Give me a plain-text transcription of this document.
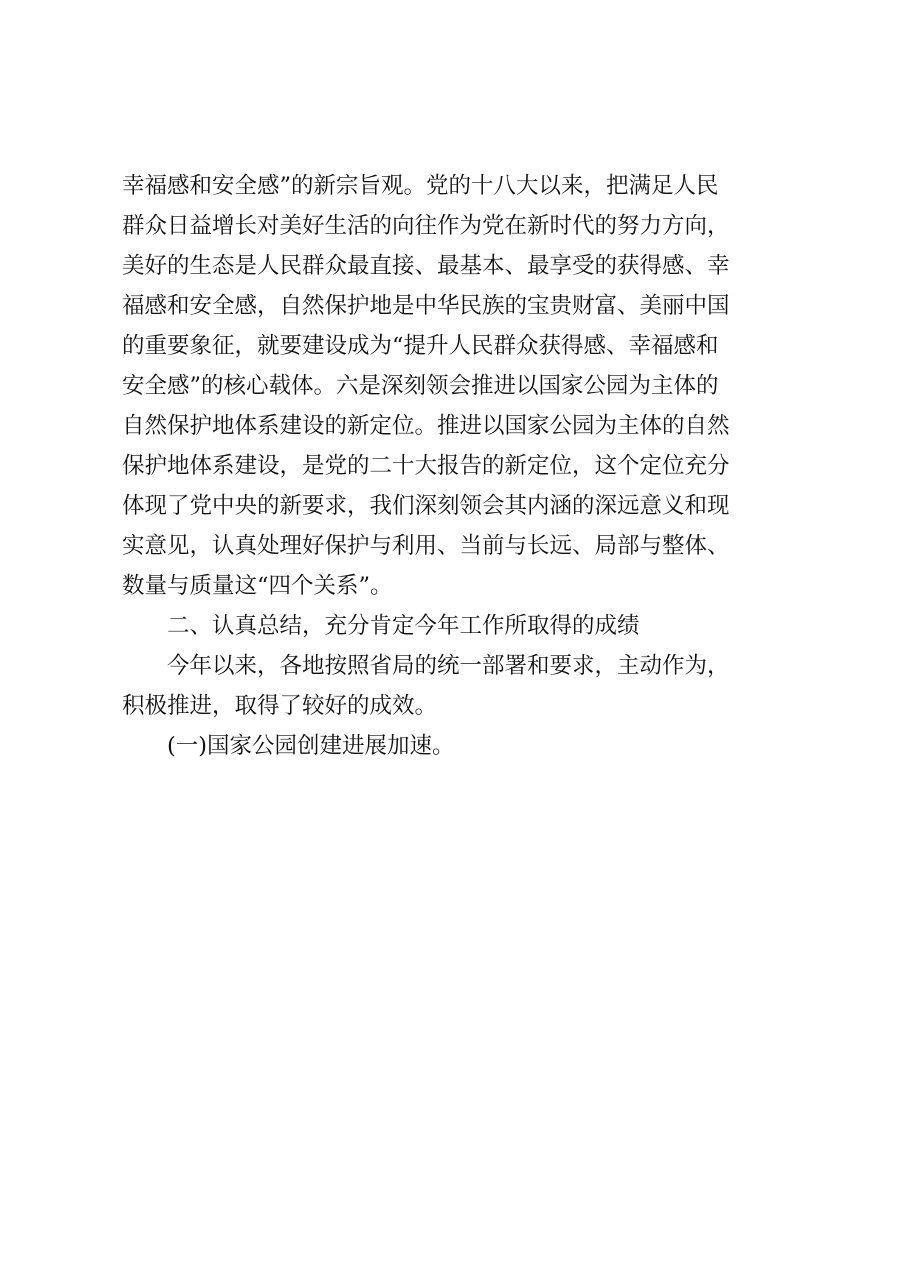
幸福感和安全感”的新宗旨观。党的十八大以来，把满足人民
群众日益增长对美好生活的向往作为党在新时代的努力方向，
美好的生态是人民群众最直接、最基本、最享受的获得感、幸
福感和安全感，自然保护地是中华民族的宝贵财富、美丽中国
的重要象征，就要建设成为“提升人民群众获得感、幸福感和
安全感”的核心载体。六是深刻领会推进以国家公园为主体的
自然保护地体系建设的新定位。推进以国家公园为主体的自然
保护地体系建设，是党的二十大报告的新定位，这个定位充分
体现了党中央的新要求，我们深刻领会其内涵的深远意义和现
实意见，认真处理好保护与利用、当前与长远、局部与整体、
数量与质量这“四个关系”。
二、认真总结，充分肯定今年工作所取得的成绩
今年以来，各地按照省局的统一部署和要求，主动作为，
积极推进，取得了较好的成效。
(一)国家公园创建进展加速。
